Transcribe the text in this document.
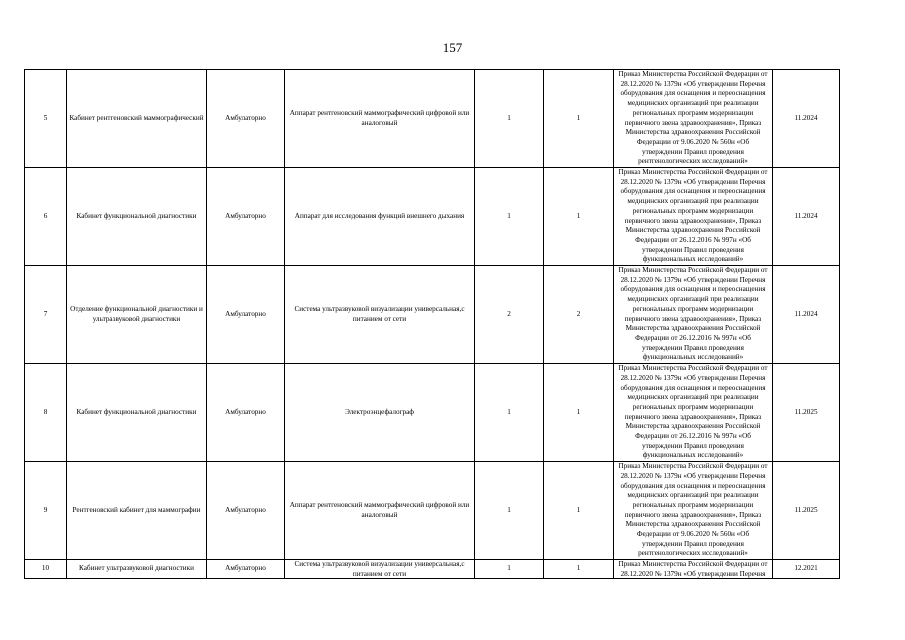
157
5	Кабинет рентгеновский маммографический	Амбулаторно	Аппарат рентгеновский маммографический цифровой или аналоговый	1	1	Приказ Министерства Российской Федерации от 28.12.2020 № 1379н «Об утверждении Перечня оборудования для оснащения и переоснащения медицинских организаций при реализации региональных программ модернизации первичного звена здравоохранения», Приказ Министерства здравоохранения Российской Федерации от 9.06.2020 № 560н «Об утверждении Правил проведения рентгенологических исследований»	11.2024
6	Кабинет функциональной диагностики	Амбулаторно	Аппарат для исследования функций внешнего дыхания	1	1	Приказ Министерства Российской Федерации от 28.12.2020 № 1379н «Об утверждении Перечня оборудования для оснащения и переоснащения медицинских организаций при реализации региональных программ модернизации первичного звена здравоохранения», Приказ Министерства здравоохранения Российской Федерации от 26.12.2016 № 997н «Об утверждении Правил проведения функциональных исследований»	11.2024
7	Отделение функциональной диагностики и ультразвуковой диагностики	Амбулаторно	Система ультразвуковой визуализации универсальная,с питанием от сети	2	2	Приказ Министерства Российской Федерации от 28.12.2020 № 1379н «Об утверждении Перечня оборудования для оснащения и переоснащения медицинских организаций при реализации региональных программ модернизации первичного звена здравоохранения», Приказ Министерства здравоохранения Российской Федерации от 26.12.2016 № 997н «Об утверждении Правил проведения функциональных исследований»	11.2024
8	Кабинет функциональной диагностики	Амбулаторно	Электроэнцефалограф	1	1	Приказ Министерства Российской Федерации от 28.12.2020 № 1379н «Об утверждении Перечня оборудования для оснащения и переоснащения медицинских организаций при реализации региональных программ модернизации первичного звена здравоохранения», Приказ Министерства здравоохранения Российской Федерации от 26.12.2016 № 997н «Об утверждении Правил проведения функциональных исследований»	11.2025
9	Рентгеновский кабинет для маммографии	Амбулаторно	Аппарат рентгеновский маммографический цифровой или аналоговый	1	1	Приказ Министерства Российской Федерации от 28.12.2020 № 1379н «Об утверждении Перечня оборудования для оснащения и переоснащения медицинских организаций при реализации региональных программ модернизации первичного звена здравоохранения», Приказ Министерства здравоохранения Российской Федерации от 9.06.2020 № 560н «Об утверждении Правил проведения рентгенологических исследований»	11.2025
10	Кабинет ультразвуковой диагностики	Амбулаторно	Система ультразвуковой визуализации универсальная,с питанием от сети	1	1	Приказ Министерства Российской Федерации от 28.12.2020 № 1379н «Об утверждении Перечня	12.2021
